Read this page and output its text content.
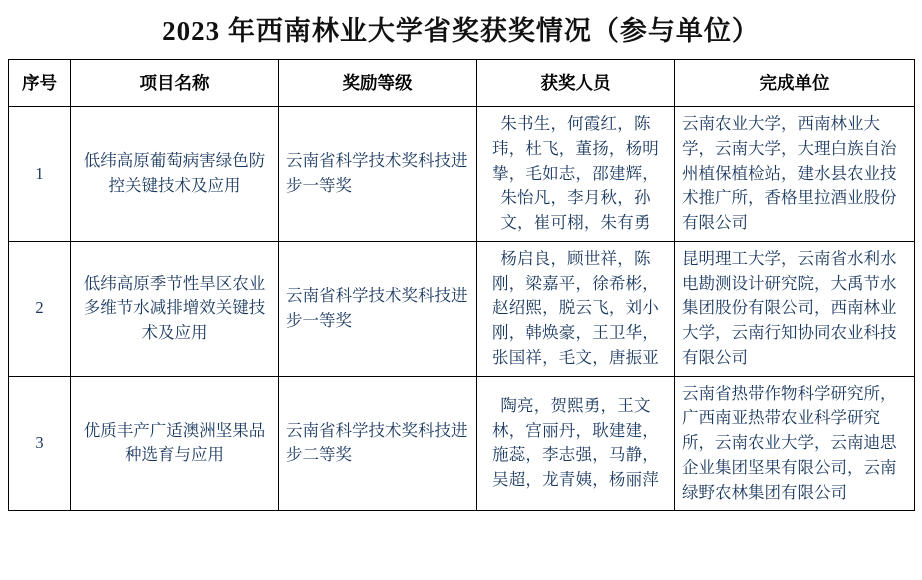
2023 年西南林业大学省奖获奖情况（参与单位）
序号	项目名称	奖励等级	获奖人员	完成单位
1	低纬高原葡萄病害绿色防控关键技术及应用	云南省科学技术奖科技进步一等奖	朱书生，何霞红，陈玮，杜飞，董扬，杨明挚，毛如志，邵建辉，朱怡凡，李月秋，孙文，崔可栩，朱有勇	云南农业大学，西南林业大学，云南大学，大理白族自治州植保植检站，建水县农业技术推广所，香格里拉酒业股份有限公司
2	低纬高原季节性旱区农业多维节水减排增效关键技术及应用	云南省科学技术奖科技进步一等奖	杨启良，顾世祥，陈刚，梁嘉平，徐希彬，赵绍熙，脱云飞，刘小刚，韩焕豪，王卫华，张国祥，毛文，唐振亚	昆明理工大学，云南省水利水电勘测设计研究院，大禹节水集团股份有限公司，西南林业大学，云南行知协同农业科技有限公司
3	优质丰产广适澳洲坚果品种选育与应用	云南省科学技术奖科技进步二等奖	陶亮，贺熙勇，王文林，宫丽丹，耿建建，施蕊，李志强，马静，吴超，龙青姨，杨丽萍	云南省热带作物科学研究所，广西南亚热带农业科学研究所，云南农业大学，云南迪思企业集团坚果有限公司，云南绿野农林集团有限公司
